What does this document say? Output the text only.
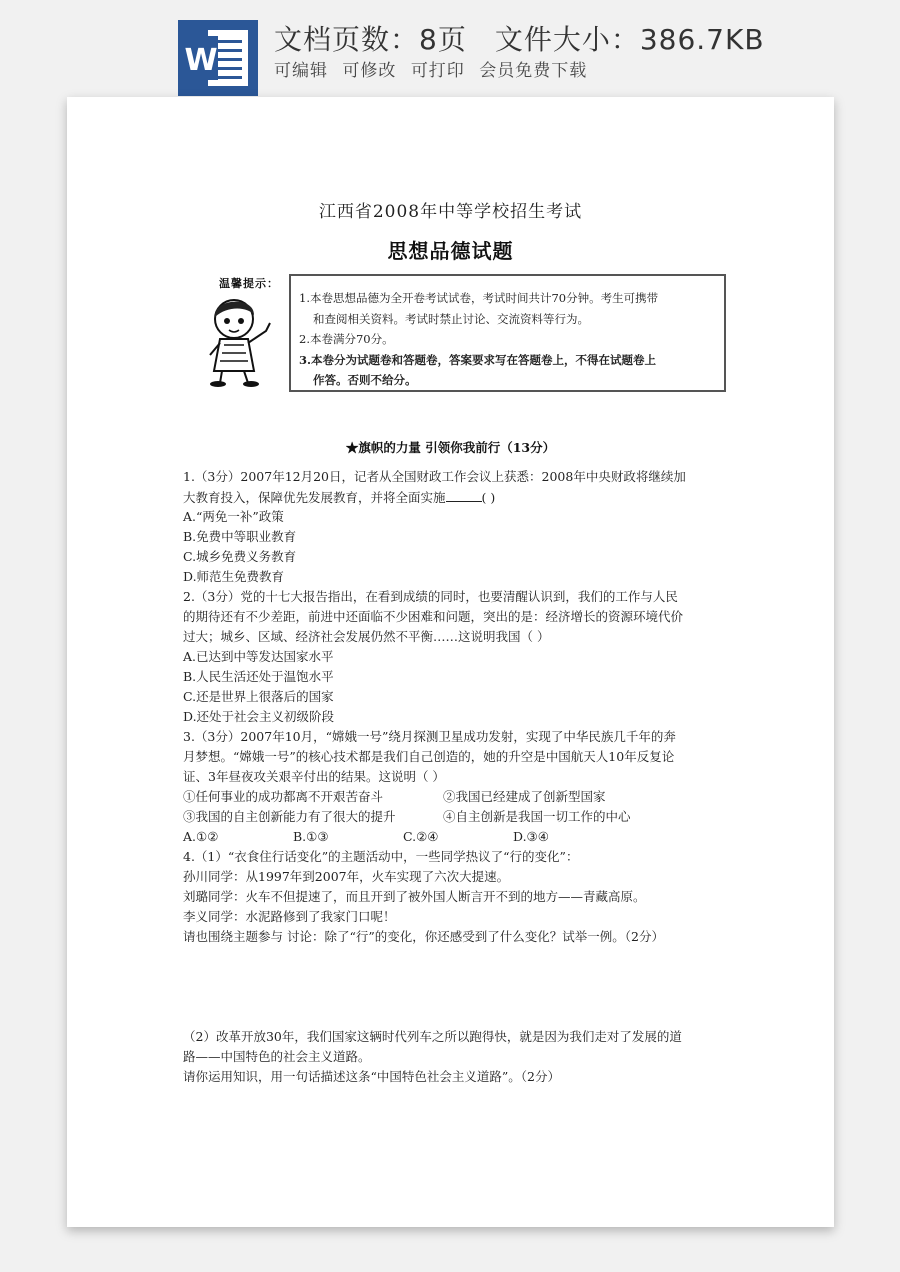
W
文档页数：8页 文件大小：386.7KB
可编辑 可修改 可打印 会员免费下载
江西省2008年中等学校招生考试
思想品德试题
温馨提示：

1.本卷思想品德为全开卷考试试卷，考试时间共计70分钟。考生可携带

和查阅相关资料。考试时禁止讨论、交流资料等行为。

2.本卷满分70分。

3.本卷分为试题卷和答题卷，答案要求写在答题卷上，不得在试题卷上

作答。否则不给分。

★旗帜的力量 引领你我前行（13分）
1.（3分）2007年12月20日，记者从全国财政工作会议上获悉：2008年中央财政将继续加
大教育投入，保障优先发展教育，并将全面实施	( )
A.“两免一补”政策
B.免费中等职业教育
C.城乡免费义务教育
D.师范生免费教育
2.（3分）党的十七大报告指出，在看到成绩的同时，也要清醒认识到，我们的工作与人民
的期待还有不少差距，前进中还面临不少困难和问题，突出的是：经济增长的资源环境代价
过大；城乡、区域、经济社会发展仍然不平衡……这说明我国（ ）
A.已达到中等发达国家水平
B.人民生活还处于温饱水平
C.还是世界上很落后的国家
D.还处于社会主义初级阶段
3.（3分）2007年10月，“嫦娥一号”绕月探测卫星成功发射，实现了中华民族几千年的奔
月梦想。“嫦娥一号”的核心技术都是我们自己创造的，她的升空是中国航天人10年反复论
证、3年昼夜攻关艰辛付出的结果。这说明（ ）
①任何事业的成功都离不开艰苦奋斗	②我国已经建成了创新型国家
③我国的自主创新能力有了很大的提升	④自主创新是我国一切工作的中心
A.①②	B.①③	C.②④	D.③④
4.（1）“衣食住行话变化”的主题活动中，一些同学热议了“行的变化”：
孙川同学：从1997年到2007年，火车实现了六次大提速。
刘璐同学：火车不但提速了，而且开到了被外国人断言开不到的地方——青藏高原。
李义同学：水泥路修到了我家门口呢！
请也围绕主题参与 讨论：除了“行”的变化，你还感受到了什么变化？试举一例。（2分）
（2）改革开放30年，我们国家这辆时代列车之所以跑得快，就是因为我们走对了发展的道
路——中国特色的社会主义道路。
请你运用知识，用一句话描述这条“中国特色社会主义道路”。（2分）
